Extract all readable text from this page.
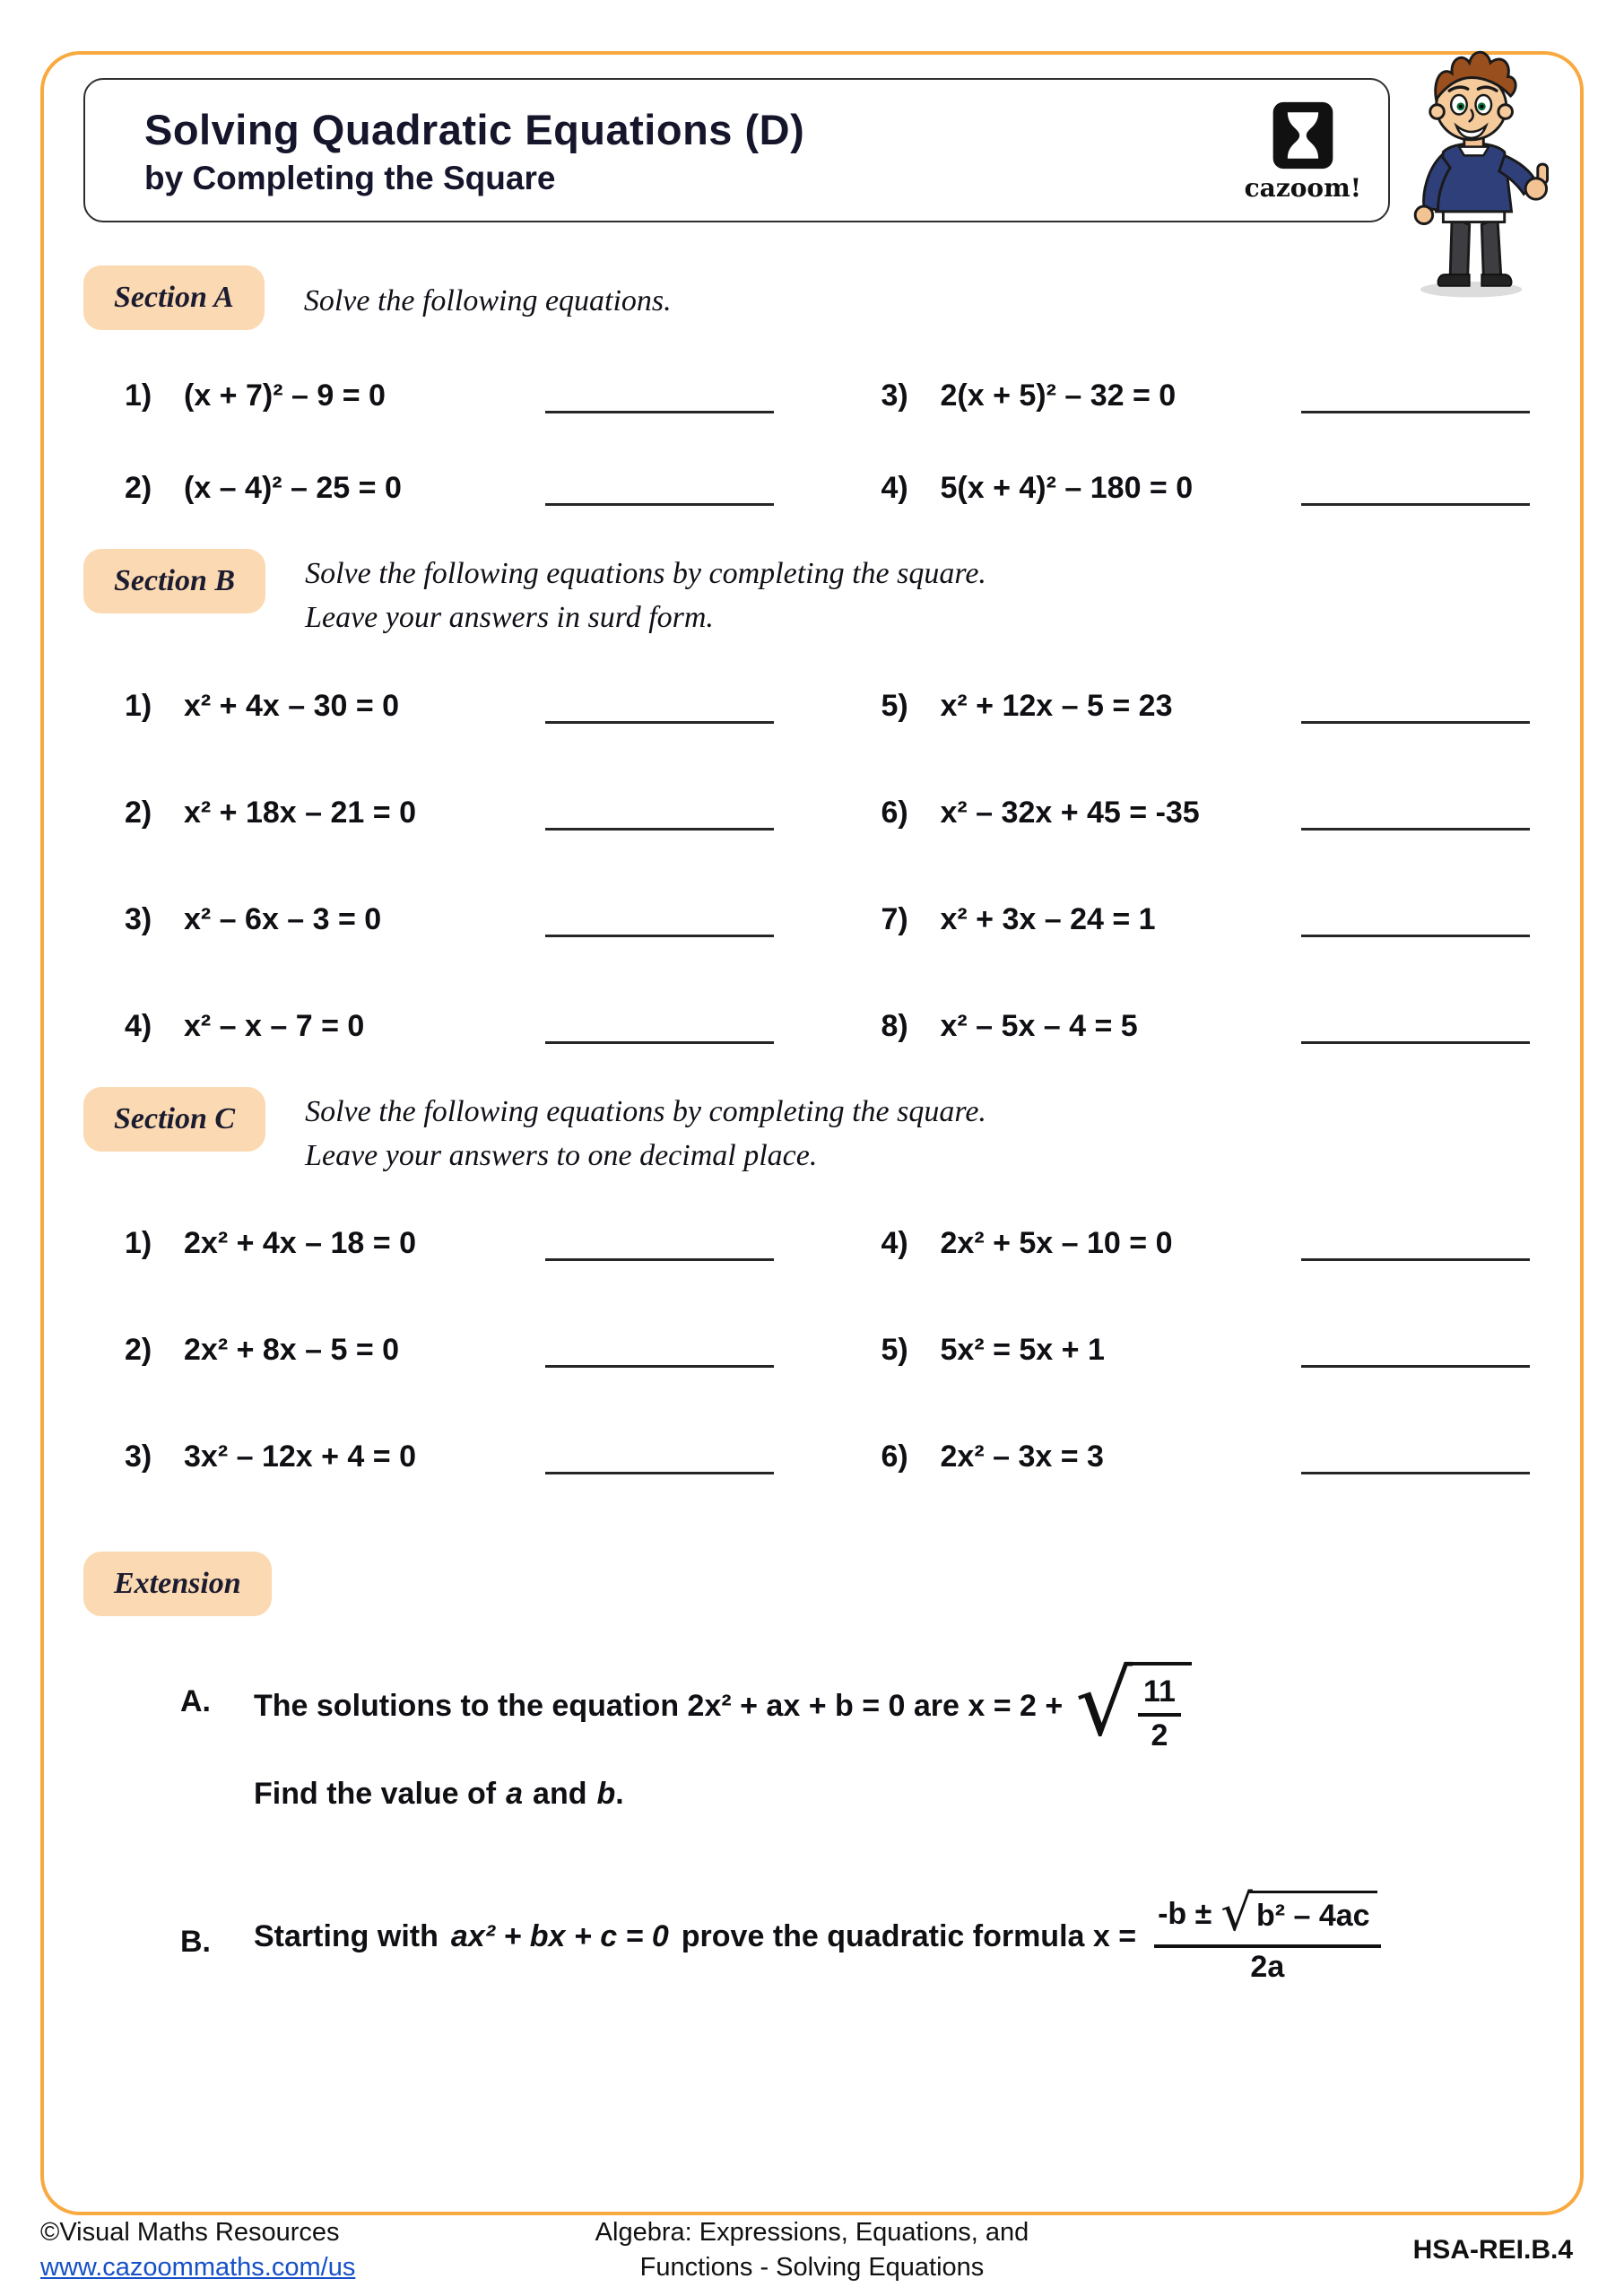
Solving Quadratic Equations (D)
by Completing the Square	cazoom!
Section A	Solve the following equations.
1)	(x + 7)² – 9 = 0	3)	2(x + 5)² – 32 = 0
2)	(x – 4)² – 25 = 0	4)	5(x + 4)² – 180 = 0
Section B	Solve the following equations by completing the square.
Leave your answers in surd form.
1)	x² + 4x – 30 = 0	5)	x² + 12x – 5 = 23
2)	x² + 18x – 21 = 0	6)	x² – 32x + 45 = -35
3)	x² – 6x – 3 = 0	7)	x² + 3x – 24 = 1
4)	x² – x – 7 = 0	8)	x² – 5x – 4 = 5
Section C	Solve the following equations by completing the square.
Leave your answers to one decimal place.
1)	2x² + 4x – 18 = 0	4)	2x² + 5x – 10 = 0
2)	2x² + 8x – 5 = 0	5)	5x² = 5x + 1
3)	3x² – 12x + 4 = 0	6)	2x² – 3x = 3
Extension
A.	The solutions to the equation 2x² + ax + b = 0 are x = 2 + √ $\frac{11}{2}$
Find the value of a and b .
B.	Starting with ax² + bx + c = 0 prove the quadratic formula $x = \frac{\text{-b ± √ b² – 4ac}}{2a}$
©Visual Maths Resources
www.cazoommaths.com/us
Algebra: Expressions, Equations, and
Functions - Solving Equations
HSA-REI.B.4
